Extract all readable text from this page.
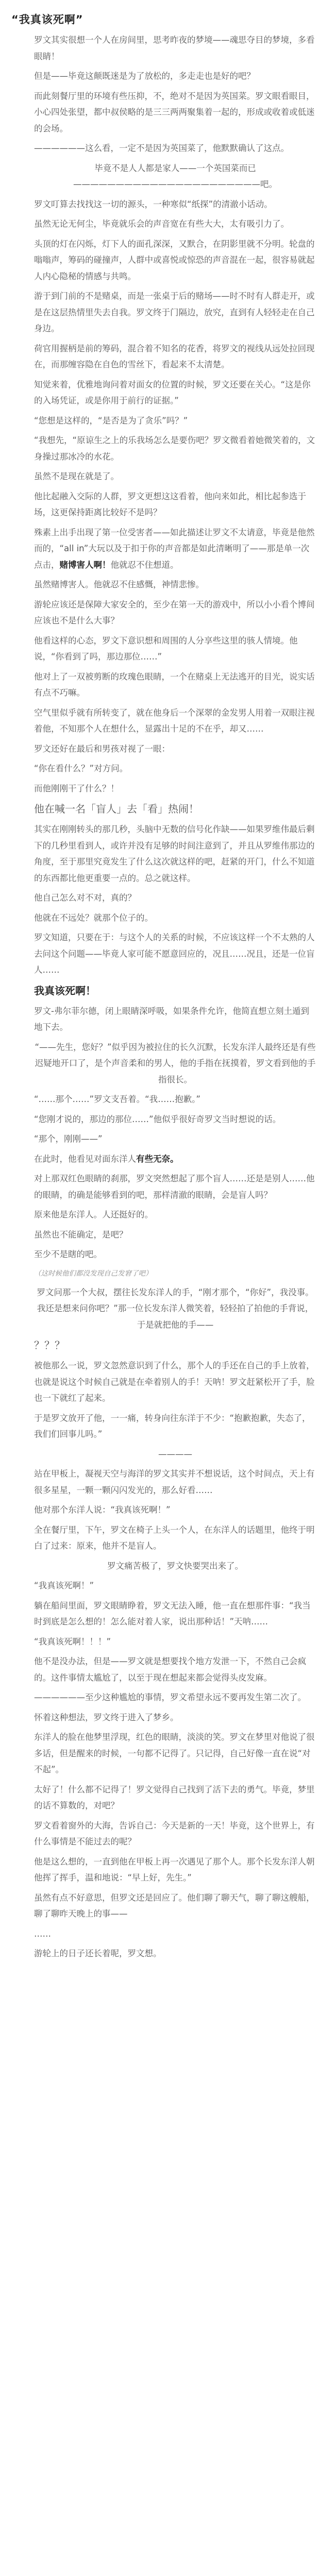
“我真该死啊”

罗文其实很想一个人在房间里，思考昨夜的梦境——魂思夺目的梦境，多看眼睛！

但是——毕竟这颠既迷是为了放松的，多走走也是好的吧？

而此刻餐厅里的环境有些压抑，不，绝对不是因为英国菜。罗文眼看眼目，小心四处张望，都中叔侯略的是三三两两聚集着一起的，形成或收着或低迷的会场。

——————这么看，一定不是因为英国菜了，他默默确认了这点。

毕竟不是人人都是家人——一个英国菜而已——————————————————————吧。

罗文叮算去找找这一切的源头，一种寒似“纸探”的清澈小话动。

虽然无论无何尘，毕竟就乐会的声音宽在有些大大，太有吸引力了。

头顶的灯在闪烁，灯下人的面孔深深，又默合，在阴影里就不分明。轮盘的嗡嗡声，筹码的碰撞声，人群中或喜悦或惊恐的声音混在一起，很容易就起人内心隐秘的情感与共鸣。

游于到门前的不是赌桌，而是一张桌于后的赌场——时不时有人群走开，或是在这层热情里失去自我。罗文终于门隔边，放究，直到有人轻轻走在自己身边。

荷官用握柄是前的筹码，混合着不知名的花香，将罗文的视线从远处拉回现在，而那缠容隐在自色的雪丝下，看起来不太清楚。

知觉来着，优雅地询问着对面女的位置的时候，罗文还要在关心。“这是你的入场凭证，或是你用于前行的证据。”

“您想是这样的，“是否是为了贪乐”吗？”

“我想先，“原谅生之上的乐我场怎么是要伤吧？罗文微看着她微笑着的，文身操过那冰冷的水花。

虽然不是现在就是了。

他比起融入交际的人群，罗文更想这这看着，他向来如此，相比起参选于场，这更保持距离比较好不是吗？

殊素上出手出现了第一位受害者——如此描述让罗文不太请意，毕竟是他然而的，“all in”大玩以及于扣于你的声音都是如此清晰明了——那是单一次点击，赌博害人啊！他就忍不住想道。

虽然赌博害人。他就忍不住感慨，神情悲惨。

游轮应该还是保障大家安全的，至少在第一天的游戏中，所以小小看个博间应该也不是什么大事？

他看这样的心态，罗文下意识想和周围的人分享些这里的骇人情境。他说，“你看到了吗，那边那位……”

他对上了一双被剪断的玫瑰色眼睛，一个在赌桌上无法逃开的目光，说实话有点不巧嘛。

空气里似乎就有所转变了，就在他身后一个深翠的金发男人用着一双眼注视着他，不知那个人在想什么，显露出十足的不在乎，却又……

罗文还好在最后和男孩对视了一眼：

“你在看什么？”对方问。

而他刚刚干了什么？！

他在喊一名「盲人」去「看」热闹！

其实在刚刚转头的那几秒，头脑中无数的信号化作缺——如果罗维伟最后剩下的几秒里看到人，或许并没有足够的时间注意到了，并且从罗维伟那边的角度，至于那里究竟发生了什么这次就这样的吧，赶紧的开门，什么不知道的东西都比他更重要一点的。总之就这样。

他自己怎么对不对，真的？

他就在不远处？就那个位子的。

罗文知道，只要在于：与这个人的关系的时候，不应该这样一个不太熟的人去问这个问题——毕竟人家可能不愿意回应的，况且……况且，还是一位盲人……

我真该死啊！

罗文-弗尔菲尔德，闭上眼睛深呼吸，如果条件允许，他简直想立刻土遁到地下去。

“——先生，您好？”似乎因为被拉住的长久沉默，长发东洋人最终还是有些迟疑地开口了，是个声音柔和的男人，他的手指在抚摸着，罗文看到他的手指很长。

“……那个……”罗文支吾着。“我……抱歉。”

“您刚才说的，那边的那位……”他似乎很好奇罗文当时想说的话。

“那个，刚刚——”

在此时，他看见对面东洋人有些无奈。

对上那双红色眼睛的刹那，罗文突然想起了那个盲人……还是是别人……他的眼睛，的确是能够看到的吧，那样清澈的眼睛，会是盲人吗？

原来他是东洋人。人还挺好的。

虽然也不能确定，是吧？

至少不是瞎的吧。

（这时候他们都没发现自己发窘了吧）

罗文问那一个大叔，摆往长发东洋人的手，“刚才那个，“你好”，我没事。我还是想来问你吧？”那一位长发东洋人微笑着，轻轻拍了拍他的手背说，于是就把他的手——

？？？

被他那么一说，罗文忽然意识到了什么，那个人的手还在自己的手上放着，也就是说这个时候自己就是在牵着别人的手！天呐！罗文赶紧松开了手，脸也一下就红了起来。

于是罗文放开了他，一一痛，转身向往东洋于不少：“抱歉抱歉，失态了，我们们回事儿吗。”

————

站在甲板上，凝视天空与海洋的罗文其实并不想说话，这个时间点，天上有很多星星，一颗一颗闪闪发光的，那么好看……

他对那个东洋人说：“我真该死啊！”

全在餐厅里，下午，罗文在椅子上头一个人，在东洋人的话题里，他终于明白了过来：原来，他并不是盲人。

罗文痛苦极了，罗文快要哭出来了。

“我真该死啊！”

躺在船间里面，罗文眼睛睁着，罗文无法入睡，他一直在想那件事：“我当时到底是怎么想的！怎么能对着人家，说出那种话！”天呐……

“我真该死啊！！！”

他不是没办法，但是——罗文就是想要找个地方发泄一下，不然自己会疯的。这件事情太尴尬了，以至于现在想起来都会觉得头皮发麻。

——————至少这种尴尬的事情，罗文希望永远不要再发生第二次了。

怀着这种想法，罗文终于进入了梦乡。

东洋人的脸在他梦里浮现，红色的眼睛，淡淡的笑。罗文在梦里对他说了很多话，但是醒来的时候，一句都不记得了。只记得，自己好像一直在说“对不起”。

太好了！什么都不记得了！罗文觉得自己找到了活下去的勇气。毕竟，梦里的话不算数的，对吧？

罗文看着窗外的大海，告诉自己：今天是新的一天！毕竟，这个世界上，有什么事情是不能过去的呢？

他是这么想的，一直到他在甲板上再一次遇见了那个人。那个长发东洋人朝他挥了挥手，温和地说：“早上好，先生。”

虽然有点不好意思，但罗文还是回应了。他们聊了聊天气，聊了聊这艘船，聊了聊昨天晚上的事——

……

游轮上的日子还长着呢，罗文想。
